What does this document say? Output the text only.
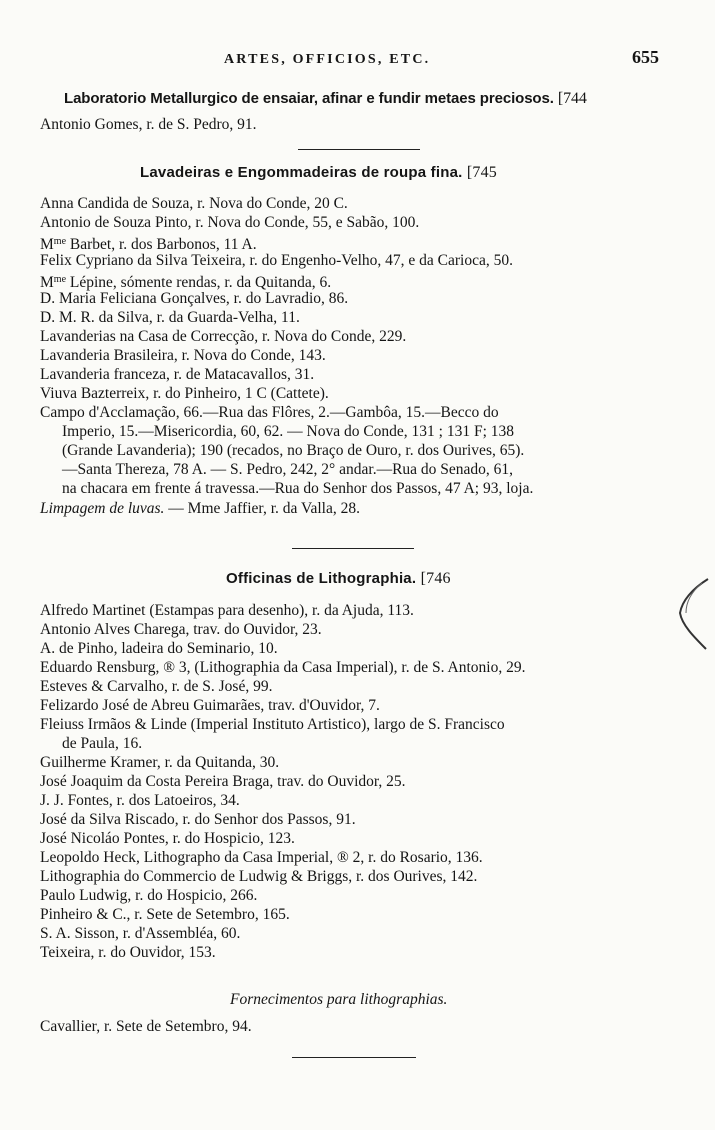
ARTES, OFFICIOS, ETC.	655
Laboratorio Metallurgico de ensaiar, afinar e fundir metaes preciosos. [744
Antonio Gomes, r. de S. Pedro, 91.
Lavadeiras e Engommadeiras de roupa fina. [745
Anna Candida de Souza, r. Nova do Conde, 20 C.
Antonio de Souza Pinto, r. Nova do Conde, 55, e Sabão, 100.
$M^{me}$ Barbet, r. dos Barbonos, 11 A.
Felix Cypriano da Silva Teixeira, r. do Engenho-Velho, 47, e da Carioca, 50.
$M^{me}$ Lépine, sómente rendas, r. da Quitanda, 6.
D. Maria Feliciana Gonçalves, r. do Lavradio, 86.
D. M. R. da Silva, r. da Guarda-Velha, 11.
Lavanderias na Casa de Correcção, r. Nova do Conde, 229.
Lavanderia Brasileira, r. Nova do Conde, 143.
Lavanderia franceza, r. de Matacavallos, 31.
Viuva Bazterreix, r. do Pinheiro, 1 C (Cattete).
Campo d'Acclamação, 66.—Rua das Flôres, 2.—Gambôa, 15.—Becco do
Imperio, 15.—Misericordia, 60, 62. — Nova do Conde, 131 ; 131 F; 138
(Grande Lavanderia); 190 (recados, no Braço de Ouro, r. dos Ourives, 65).
—Santa Thereza, 78 A. — S. Pedro, 242, 2° andar.—Rua do Senado, 61,
na chacara em frente á travessa.—Rua do Senhor dos Passos, 47 A; 93, loja.
Limpagem de luvas. — Mme Jaffier, r. da Valla, 28.
Officinas de Lithographia. [746
Alfredo Martinet (Estampas para desenho), r. da Ajuda, 113.
Antonio Alves Charega, trav. do Ouvidor, 23.
A. de Pinho, ladeira do Seminario, 10.
Eduardo Rensburg, ® 3, (Lithographia da Casa Imperial), r. de S. Antonio, 29.
Esteves & Carvalho, r. de S. José, 99.
Felizardo José de Abreu Guimarães, trav. d'Ouvidor, 7.
Fleiuss Irmãos & Linde (Imperial Instituto Artistico), largo de S. Francisco
de Paula, 16.
Guilherme Kramer, r. da Quitanda, 30.
José Joaquim da Costa Pereira Braga, trav. do Ouvidor, 25.
J. J. Fontes, r. dos Latoeiros, 34.
José da Silva Riscado, r. do Senhor dos Passos, 91.
José Nicoláo Pontes, r. do Hospicio, 123.
Leopoldo Heck, Lithographo da Casa Imperial, ® 2, r. do Rosario, 136.
Lithographia do Commercio de Ludwig & Briggs, r. dos Ourives, 142.
Paulo Ludwig, r. do Hospicio, 266.
Pinheiro & C., r. Sete de Setembro, 165.
S. A. Sisson, r. d'Assembléa, 60.
Teixeira, r. do Ouvidor, 153.
Fornecimentos para lithographias.
Cavallier, r. Sete de Setembro, 94.
